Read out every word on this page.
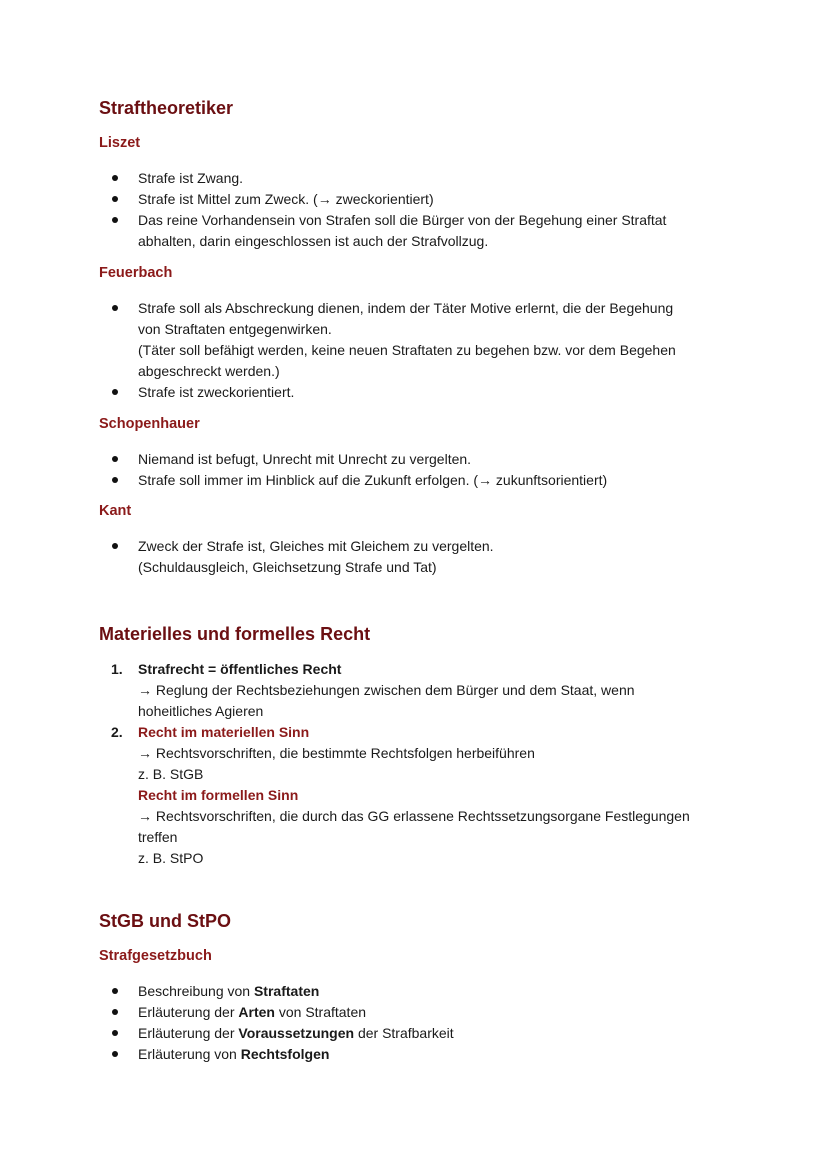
Straftheoretiker
Liszet
Strafe ist Zwang.
Strafe ist Mittel zum Zweck. (→ zweckorientiert)
Das reine Vorhandensein von Strafen soll die Bürger von der Begehung einer Straftat
abhalten, darin eingeschlossen ist auch der Strafvollzug.
Feuerbach
Strafe soll als Abschreckung dienen, indem der Täter Motive erlernt, die der Begehung
von Straftaten entgegenwirken.
(Täter soll befähigt werden, keine neuen Straftaten zu begehen bzw. vor dem Begehen
abgeschreckt werden.)
Strafe ist zweckorientiert.
Schopenhauer
Niemand ist befugt, Unrecht mit Unrecht zu vergelten.
Strafe soll immer im Hinblick auf die Zukunft erfolgen. (→ zukunftsorientiert)
Kant
Zweck der Strafe ist, Gleiches mit Gleichem zu vergelten.
(Schuldausgleich, Gleichsetzung Strafe und Tat)
Materielles und formelles Recht
1. Strafrecht = öffentliches Recht
→ Reglung der Rechtsbeziehungen zwischen dem Bürger und dem Staat, wenn
hoheitliches Agieren
2. Recht im materiellen Sinn
→ Rechtsvorschriften, die bestimmte Rechtsfolgen herbeiführen
z. B. StGB
Recht im formellen Sinn
→ Rechtsvorschriften, die durch das GG erlassene Rechtssetzungsorgane Festlegungen
treffen
z. B. StPO
StGB und StPO
Strafgesetzbuch
Beschreibung von Straftaten
Erläuterung der Arten von Straftaten
Erläuterung der Voraussetzungen der Strafbarkeit
Erläuterung von Rechtsfolgen
